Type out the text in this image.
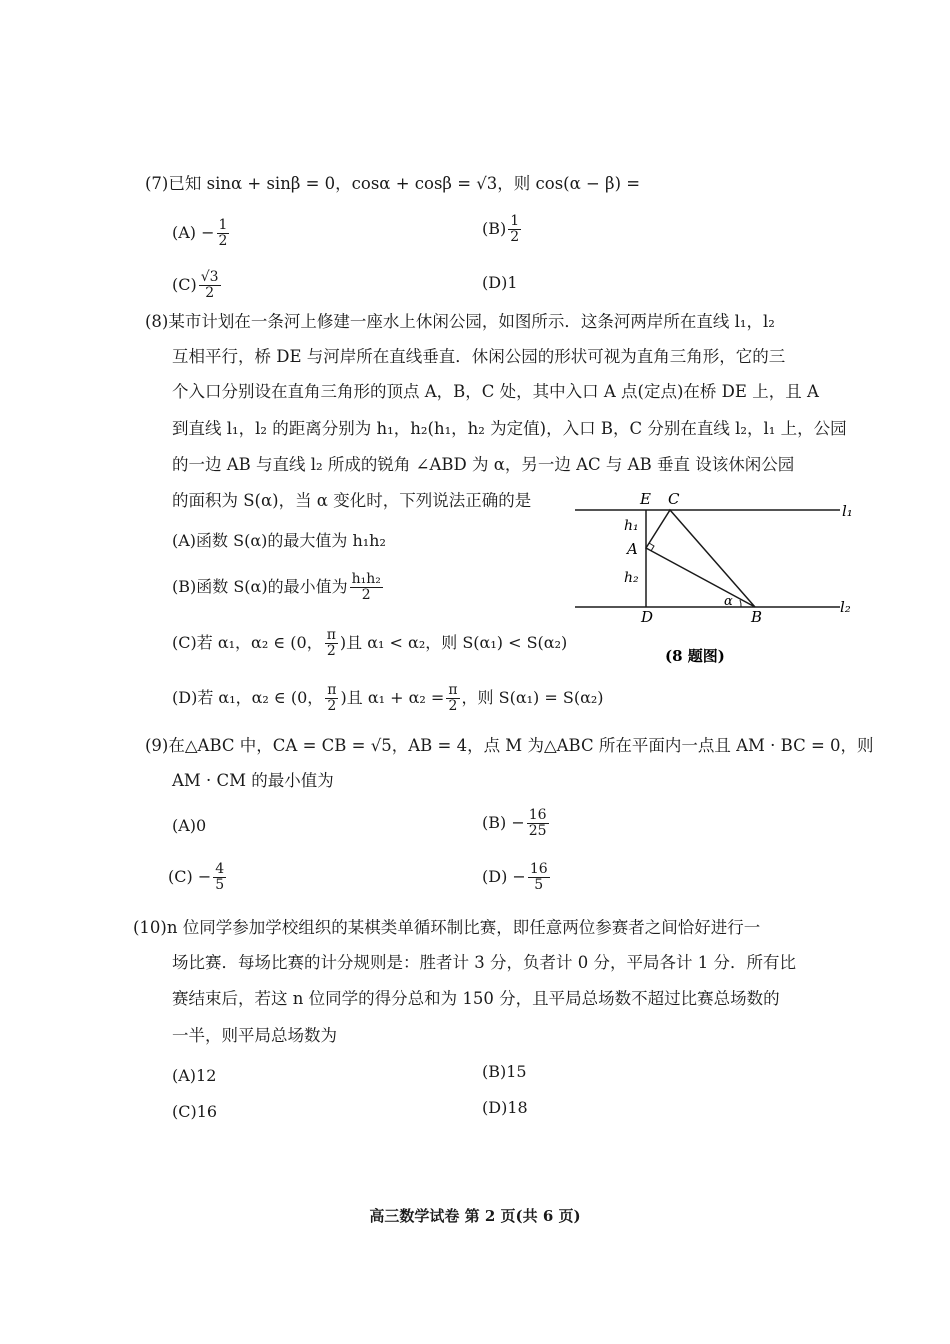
(7)已知 sinα + sinβ = 0，cosα + cosβ = √3，则 cos(α − β) =
$(A) - \frac{1}{2}$	$(B) \frac{1}{2}$
$(C) \frac{√3}{2}$	(D)1
(8)某市计划在一条河上修建一座水上休闲公园，如图所示．这条河两岸所在直线 l₁，l₂
互相平行，桥 DE 与河岸所在直线垂直．休闲公园的形状可视为直角三角形，它的三
个入口分别设在直角三角形的顶点 A，B，C 处，其中入口 A 点(定点)在桥 DE 上，且 A
到直线 l₁，l₂ 的距离分别为 h₁，h₂(h₁，h₂ 为定值)，入口 B，C 分别在直线 l₂，l₁ 上，公园
的一边 AB 与直线 l₂ 所成的锐角 ∠ABD 为 α，另一边 AC 与 AB 垂直 设该休闲公园
的面积为 S(α)，当 α 变化时，下列说法正确的是
(A)函数 S(α)的最大值为 h₁h₂
(B)函数 S(α)的最小值为 $\frac{\text{h₁h₂}}{2}$
(C)若 α₁，α₂ ∈ (0， $\frac{\pi}{2}$ )且 α₁ < α₂，则 S(α₁) < S(α₂)
(D)若 α₁，α₂ ∈ (0， $\frac{\pi}{2}$ )且 $\alpha_1 + \alpha_2 = \frac{\pi}{2}$ ，则 S(α₁) = S(α₂)
E C
l₁
h₁
A
h₂
α
D	B
l₂
(8 题图)
(9)在△ABC 中，CA = CB = √5，AB = 4，点 M 为△ABC 所在平面内一点且 AM · BC = 0，则
AM · CM 的最小值为
(A)0	$(B) - \frac{16}{25}$
$(C) - \frac{4}{5}$	$(D) - \frac{16}{5}$
(10)n 位同学参加学校组织的某棋类单循环制比赛，即任意两位参赛者之间恰好进行一
场比赛．每场比赛的计分规则是：胜者计 3 分，负者计 0 分，平局各计 1 分．所有比
赛结束后，若这 n 位同学的得分总和为 150 分，且平局总场数不超过比赛总场数的
一半，则平局总场数为
(A)12	(B)15
(C)16	(D)18
高三数学试卷 第 2 页(共 6 页)
